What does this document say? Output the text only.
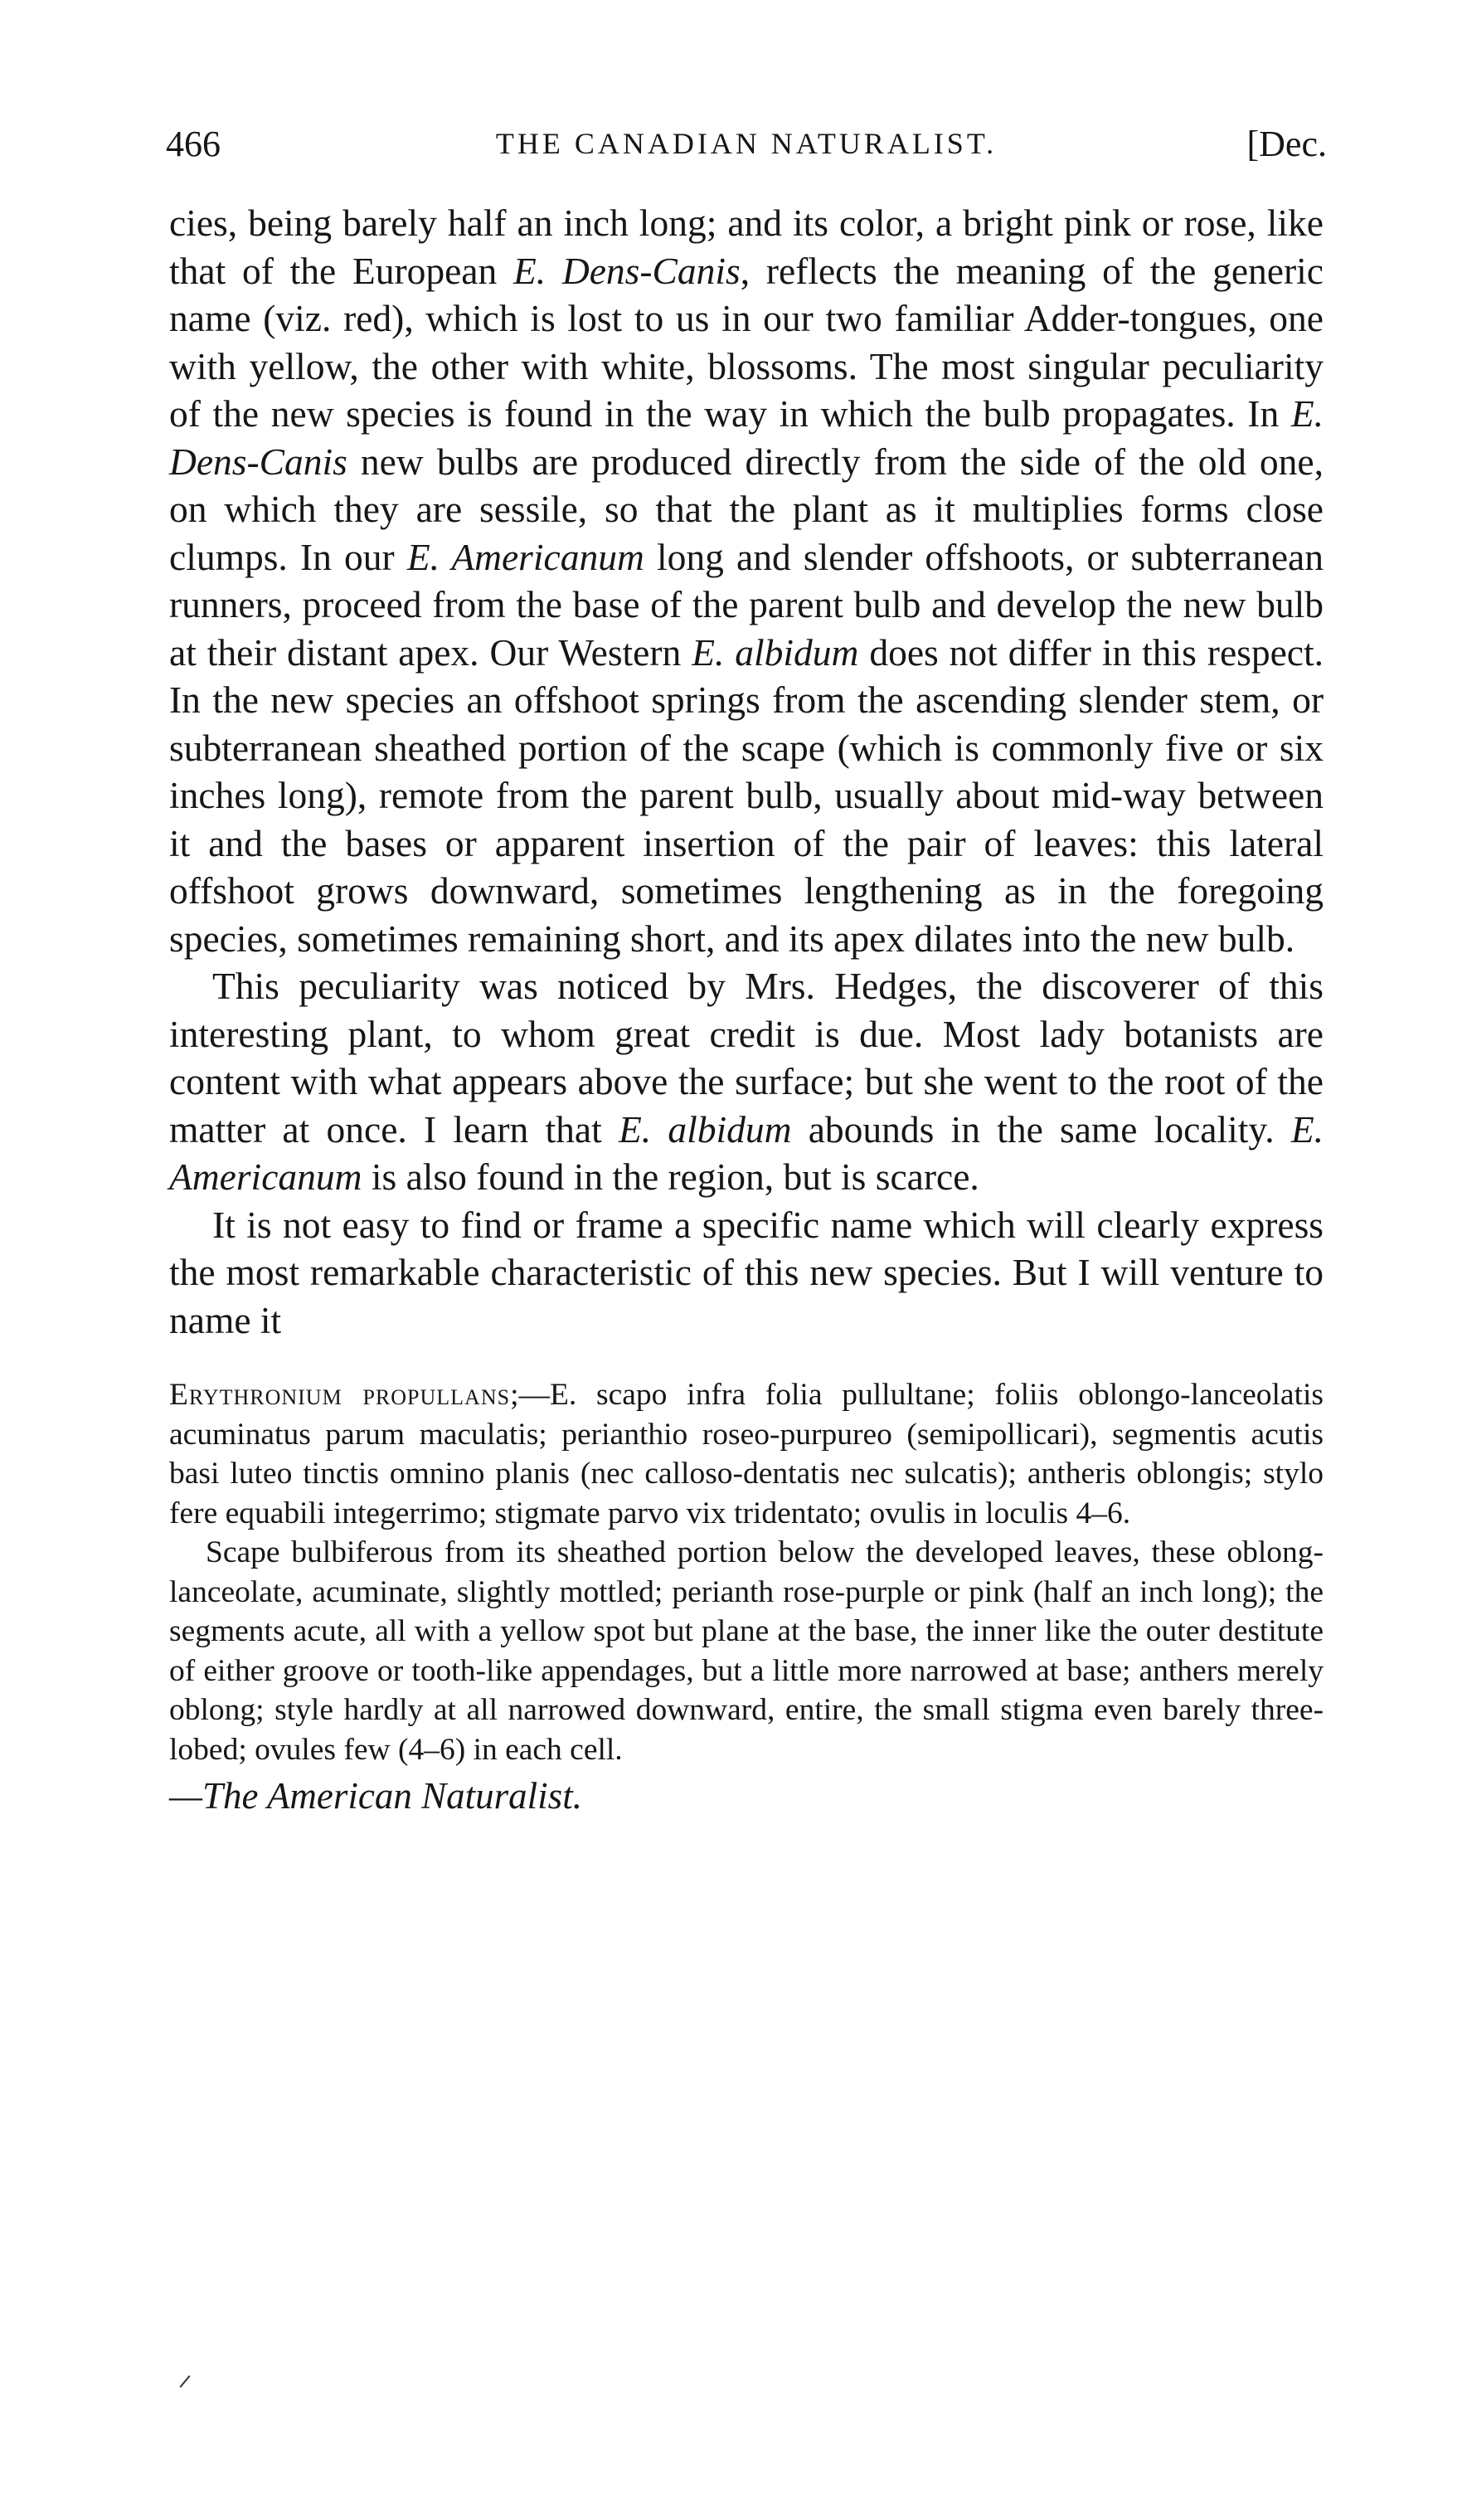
466	THE CANADIAN NATURALIST.	[Dec.

cies, being barely half an inch long; and its color, a bright pink or rose, like that of the European E. Dens-Canis, reflects the meaning of the generic name (viz. red), which is lost to us in our two familiar Adder-tongues, one with yellow, the other with white, blossoms. The most singular peculiarity of the new species is found in the way in which the bulb propagates. In E. Dens-Canis new bulbs are produced directly from the side of the old one, on which they are sessile, so that the plant as it multiplies forms close clumps. In our E. Americanum long and slender offshoots, or subterranean runners, proceed from the base of the parent bulb and develop the new bulb at their distant apex. Our Western E. albidum does not differ in this respect. In the new species an offshoot springs from the ascending slender stem, or subterranean sheathed portion of the scape (which is commonly five or six inches long), remote from the parent bulb, usually about mid-way between it and the bases or apparent insertion of the pair of leaves: this lateral offshoot grows downward, sometimes lengthening as in the foregoing species, sometimes remaining short, and its apex dilates into the new bulb.

This peculiarity was noticed by Mrs. Hedges, the discoverer of this interesting plant, to whom great credit is due. Most lady botanists are content with what appears above the surface; but she went to the root of the matter at once. I learn that E. albidum abounds in the same locality. E. Americanum is also found in the region, but is scarce.

It is not easy to find or frame a specific name which will clearly express the most remarkable characteristic of this new species. But I will venture to name it

Erythronium propullans;—E. scapo infra folia pullultane; foliis oblongo-lanceolatis acuminatus parum maculatis; perianthio roseo-purpureo (semipollicari), segmentis acutis basi luteo tinctis omnino planis (nec calloso-dentatis nec sulcatis); antheris oblongis; stylo fere equabili integerrimo; stigmate parvo vix tridentato; ovulis in loculis 4–6.

Scape bulbiferous from its sheathed portion below the developed leaves, these oblong-lanceolate, acuminate, slightly mottled; perianth rose-purple or pink (half an inch long); the segments acute, all with a yellow spot but plane at the base, the inner like the outer destitute of either groove or tooth-like appendages, but a little more narrowed at base; anthers merely oblong; style hardly at all narrowed downward, entire, the small stigma even barely three-lobed; ovules few (4–6) in each cell.

—The American Naturalist.
